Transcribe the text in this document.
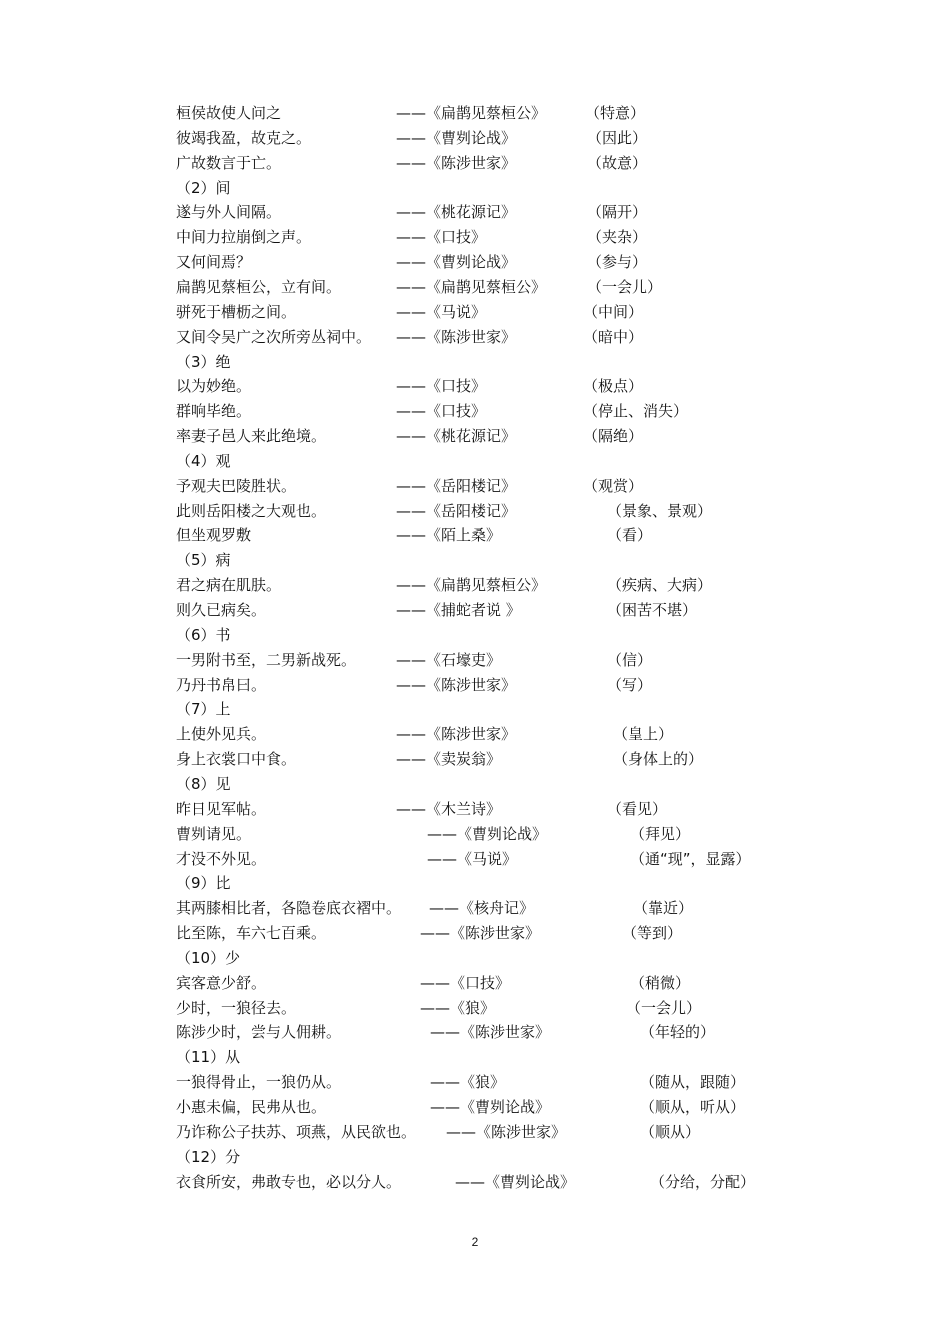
2
桓侯故使人问之	——《扁鹊见蔡桓公》	（特意）
彼竭我盈，故克之。	——《曹刿论战》	（因此）
广故数言于亡。	——《陈涉世家》	（故意）
（2）间
遂与外人间隔。	——《桃花源记》	（隔开）
中间力拉崩倒之声。	——《口技》	（夹杂）
又何间焉？	——《曹刿论战》	（参与）
扁鹊见蔡桓公，立有间。	——《扁鹊见蔡桓公》	（一会儿）
骈死于槽枥之间。	——《马说》	（中间）
又间令吴广之次所旁丛祠中。 ——《陈涉世家》	（暗中）
（3）绝
以为妙绝。	——《口技》	（极点）
群响毕绝。	——《口技》	（停止、消失）
率妻子邑人来此绝境。	——《桃花源记》	（隔绝）
（4）观
予观夫巴陵胜状。	——《岳阳楼记》	（观赏）
此则岳阳楼之大观也。	——《岳阳楼记》	（景象、景观）
但坐观罗敷	——《陌上桑》	（看）
（5）病
君之病在肌肤。	——《扁鹊见蔡桓公》	（疾病、大病）
则久已病矣。	——《捕蛇者说 》	（困苦不堪）
（6）书
一男附书至，二男新战死。	——《石壕吏》	（信）
乃丹书帛曰。	——《陈涉世家》	（写）
（7）上
上使外见兵。	——《陈涉世家》	（皇上）
身上衣裳口中食。	——《卖炭翁》	（身体上的）
（8）见
昨日见军帖。	——《木兰诗》	（看见）
曹刿请见。	——《曹刿论战》	（拜见）
才没不外见。	——《马说》	（通“现”，显露）
（9）比
其两膝相比者，各隐卷底衣褶中。 ——《核舟记》	（靠近）
比至陈，车六七百乘。	——《陈涉世家》	（等到）
（10）少
宾客意少舒。	——《口技》	（稍微）
少时，一狼径去。	——《狼》	（一会儿）
陈涉少时，尝与人佣耕。	——《陈涉世家》	（年轻的）
（11）从
一狼得骨止，一狼仍从。	——《狼》	（随从，跟随）
小惠未偏，民弗从也。	——《曹刿论战》	（顺从，听从）
乃诈称公子扶苏、项燕，从民欲也。 ——《陈涉世家》	（顺从）
（12）分
衣食所安，弗敢专也，必以分人。	——《曹刿论战》	（分给，分配）
